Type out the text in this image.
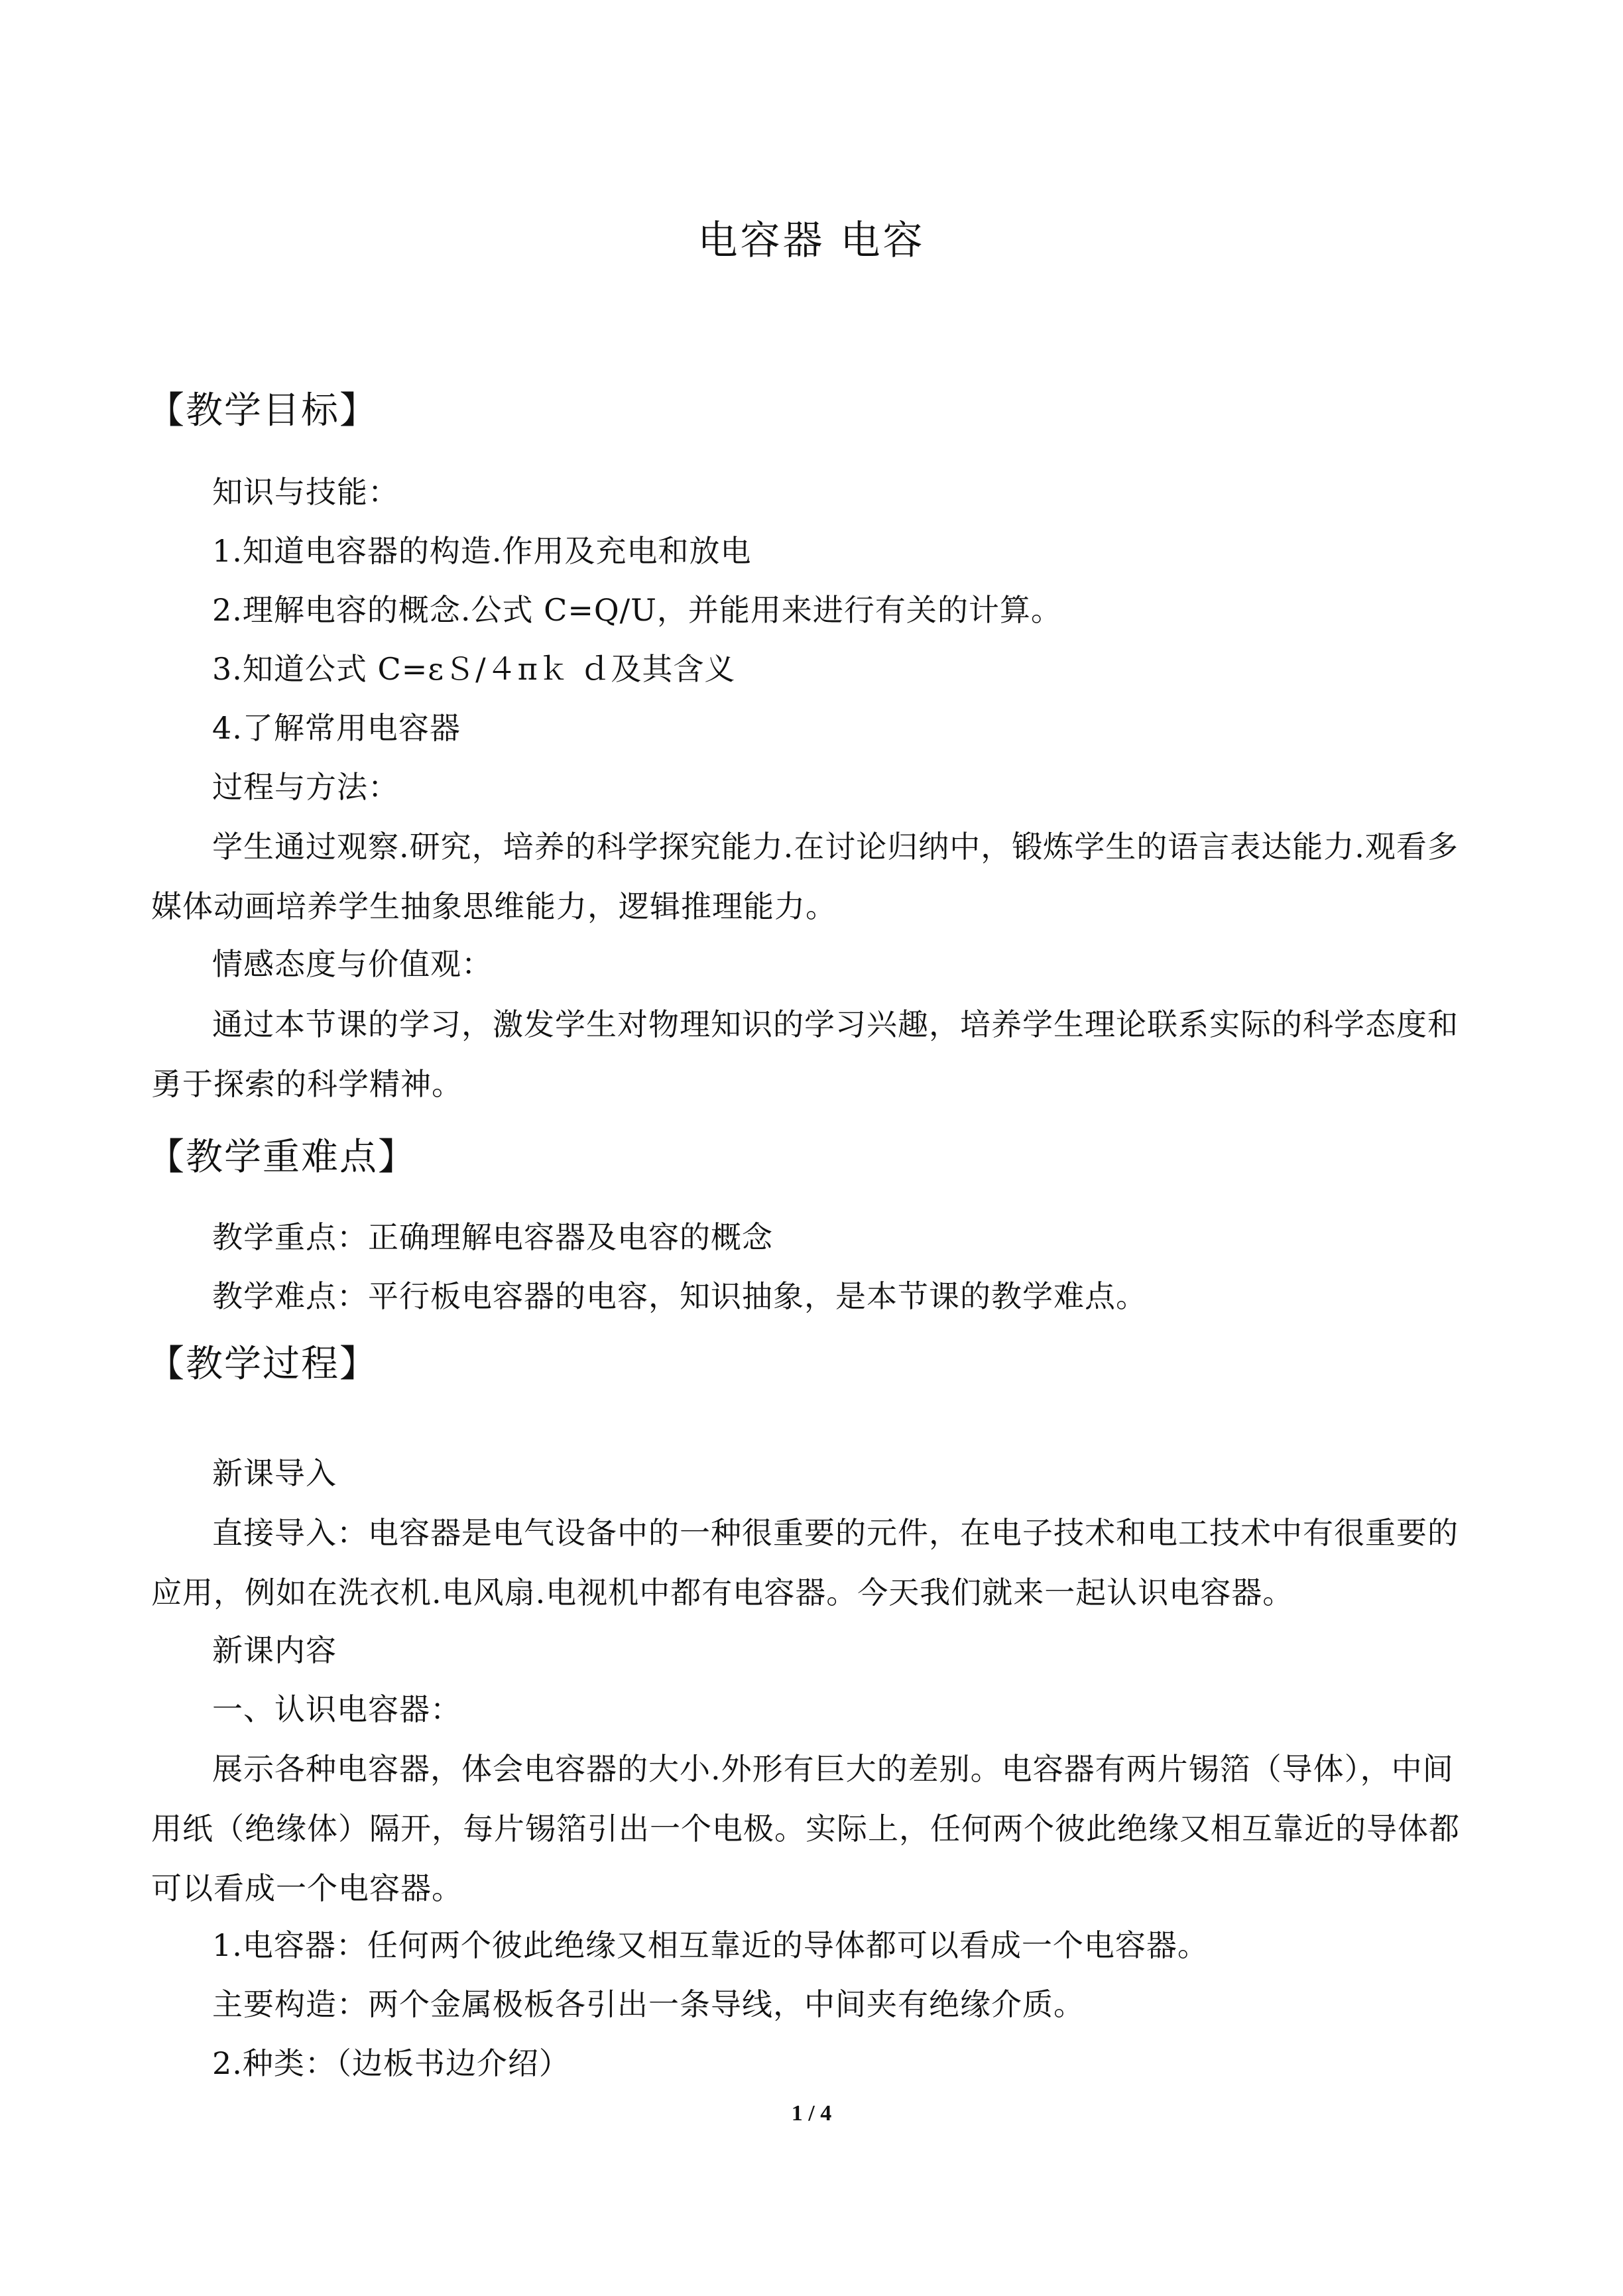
电容器 电容
【教学目标】
知识与技能：
1.知道电容器的构造.作用及充电和放电
2.理解电容的概念.公式 C=Q/U，并能用来进行有关的计算。
3.知道公式 C=εＳ/４πｋ ｄ及其含义
4.了解常用电容器
过程与方法：
学生通过观察.研究，培养的科学探究能力.在讨论归纳中，锻炼学生的语言表达能力.观看多媒体动画培养学生抽象思维能力，逻辑推理能力。
情感态度与价值观：
通过本节课的学习，激发学生对物理知识的学习兴趣，培养学生理论联系实际的科学态度和勇于探索的科学精神。
【教学重难点】
教学重点：正确理解电容器及电容的概念
教学难点：平行板电容器的电容，知识抽象，是本节课的教学难点。
【教学过程】
新课导入
直接导入：电容器是电气设备中的一种很重要的元件，在电子技术和电工技术中有很重要的应用，例如在洗衣机.电风扇.电视机中都有电容器。今天我们就来一起认识电容器。
新课内容
一、认识电容器：
展示各种电容器，体会电容器的大小.外形有巨大的差别。电容器有两片锡箔（导体），中间用纸（绝缘体）隔开，每片锡箔引出一个电极。实际上，任何两个彼此绝缘又相互靠近的导体都可以看成一个电容器。
1.电容器：任何两个彼此绝缘又相互靠近的导体都可以看成一个电容器。
主要构造：两个金属极板各引出一条导线，中间夹有绝缘介质。
2.种类：（边板书边介绍）
1 / 4
